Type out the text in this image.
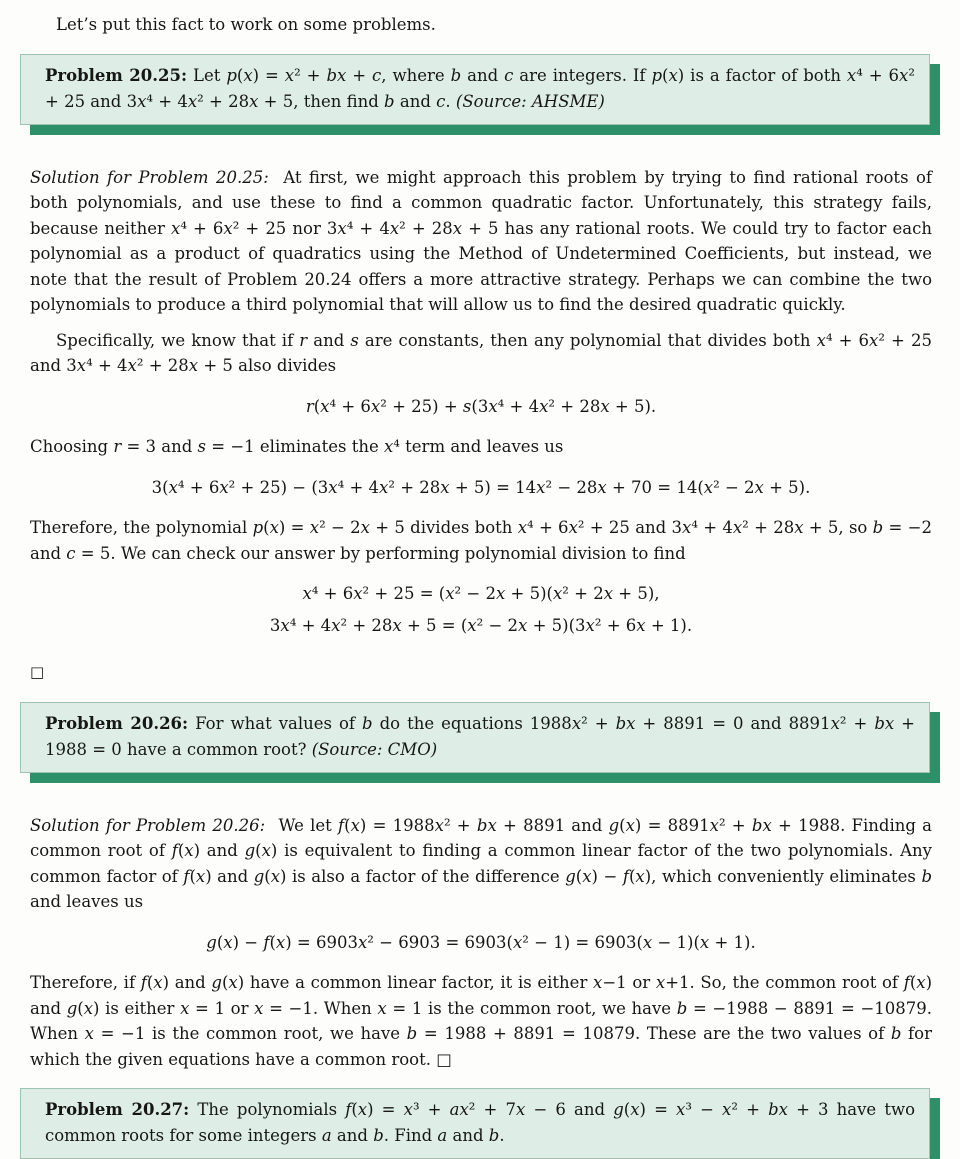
Let’s put this fact to work on some problems.

Problem 20.25: Let p(x) = x² + bx + c, where b and c are integers. If p(x) is a factor of both x⁴ + 6x² + 25 and 3x⁴ + 4x² + 28x + 5, then find b and c. (Source: AHSME)

Solution for Problem 20.25: At first, we might approach this problem by trying to find rational roots of both polynomials, and use these to find a common quadratic factor. Unfortunately, this strategy fails, because neither x⁴ + 6x² + 25 nor 3x⁴ + 4x² + 28x + 5 has any rational roots. We could try to factor each polynomial as a product of quadratics using the Method of Undetermined Coefficients, but instead, we note that the result of Problem 20.24 offers a more attractive strategy. Perhaps we can combine the two polynomials to produce a third polynomial that will allow us to find the desired quadratic quickly.

Specifically, we know that if r and s are constants, then any polynomial that divides both x⁴ + 6x² + 25 and 3x⁴ + 4x² + 28x + 5 also divides

r(x⁴ + 6x² + 25) + s(3x⁴ + 4x² + 28x + 5).

Choosing r = 3 and s = −1 eliminates the x⁴ term and leaves us

3(x⁴ + 6x² + 25) − (3x⁴ + 4x² + 28x + 5) = 14x² − 28x + 70 = 14(x² − 2x + 5).

Therefore, the polynomial p(x) = x² − 2x + 5 divides both x⁴ + 6x² + 25 and 3x⁴ + 4x² + 28x + 5, so b = −2 and c = 5. We can check our answer by performing polynomial division to find

x⁴ + 6x² + 25 = (x² − 2x + 5)(x² + 2x + 5),

3x⁴ + 4x² + 28x + 5 = (x² − 2x + 5)(3x² + 6x + 1).

□

Problem 20.26: For what values of b do the equations 1988x² + bx + 8891 = 0 and 8891x² + bx + 1988 = 0 have a common root? (Source: CMO)

Solution for Problem 20.26: We let f(x) = 1988x² + bx + 8891 and g(x) = 8891x² + bx + 1988. Finding a common root of f(x) and g(x) is equivalent to finding a common linear factor of the two polynomials. Any common factor of f(x) and g(x) is also a factor of the difference g(x) − f(x), which conveniently eliminates b and leaves us

g(x) − f(x) = 6903x² − 6903 = 6903(x² − 1) = 6903(x − 1)(x + 1).

Therefore, if f(x) and g(x) have a common linear factor, it is either x−1 or x+1. So, the common root of f(x) and g(x) is either x = 1 or x = −1. When x = 1 is the common root, we have b = −1988 − 8891 = −10879. When x = −1 is the common root, we have b = 1988 + 8891 = 10879. These are the two values of b for which the given equations have a common root. □

Problem 20.27: The polynomials f(x) = x³ + ax² + 7x − 6 and g(x) = x³ − x² + bx + 3 have two common roots for some integers a and b. Find a and b.
